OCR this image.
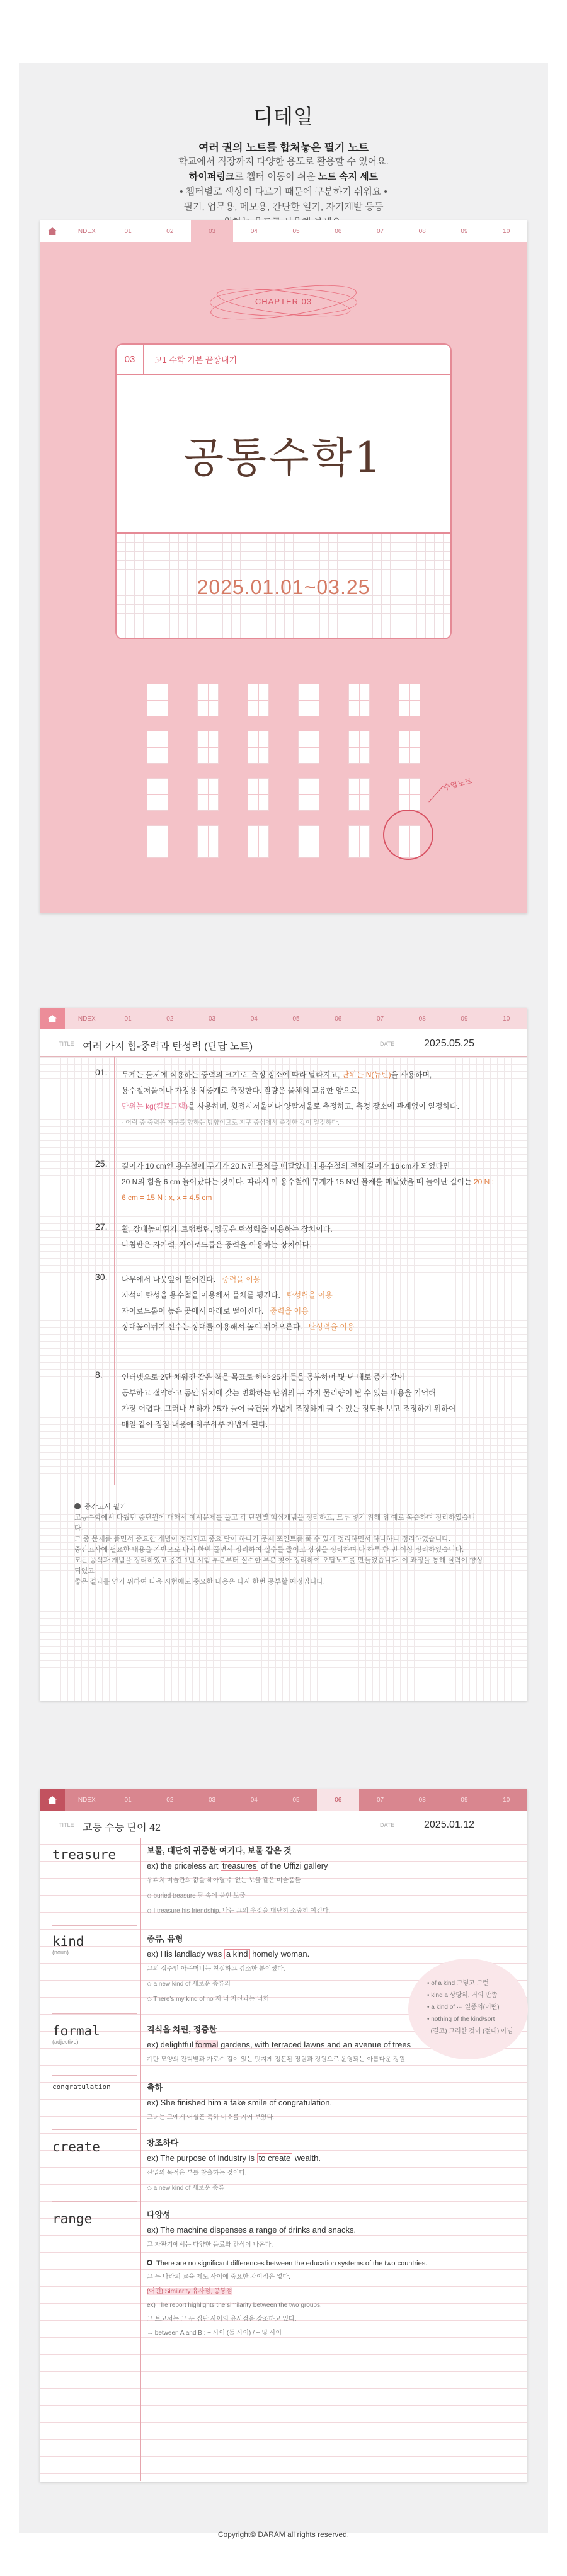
디테일
여러 권의 노트를 합쳐놓은 필기 노트

학교에서 직장까지 다양한 용도로 활용할 수 있어요.

하이퍼링크로 챕터 이동이 쉬운 노트 속지 세트

• 챕터별로 색상이 다르기 때문에 구분하기 쉬워요 •

필기, 업무용, 메모용, 간단한 일기, 자기계발 등등

INDEX	01	02	03	04	05	06	07	08	09	10
CHAPTER 03
03	고1 수학 기본 끝장내기
공통수학1
2025.01.01~03.25
수업노트
INDEX	01	02	03	04	05	06	07	08	09	10
TITLE 여러 가지 힘-중력과 탄성력 (단답 노트)	DATE	2025.05.25
01. 무게는 물체에 작용하는 중력의 크기로, 측정 장소에 따라 달라지고, 단위는 N(뉴턴)을 사용하며,
용수철저울이나 가정용 체중계로 측정한다. 질량은 물체의 고유한 양으로,
단위는 kg(킬로그램)을 사용하며, 윗접시저울이나 양팔저울로 측정하고, 측정 장소에 관계없이 일정하다.
- 어림 중 중력은 지구를 향하는 방향이므로 지구 중심에서 측정한 값이 일정하다.
25. 길이가 10 cm인 용수철에 무게가 20 N인 물체를 매달았더니 용수철의 전체 길이가 16 cm가 되었다면
20 N의 힘을 6 cm 늘어났다는 것이다. 따라서 이 용수철에 무게가 15 N인 물체를 매달았을 때 늘어난 길이는 20 N : 6 cm = 15 N : x, x = 4.5 cm
27. 활, 장대높이뛰기, 트램펄린, 양궁은 탄성력을 이용하는 장치이다.
나침반은 자기력, 자이로드롭은 중력을 이용하는 장치이다.
30. 나무에서 나뭇잎이 떨어진다. 중력을 이용
자석이 탄성을 용수철을 이용해서 물체를 튕긴다. 탄성력을 이용
자이로드롭이 높은 곳에서 아래로 떨어진다. 중력을 이용
장대높이뛰기 선수는 장대를 이용해서 높이 뛰어오른다. 탄성력을 이용
8.	인터넷으로 2단 채워진 같은 책을 목표로 해야 25가 들을 공부하며 몇 년 내로 증가 같이
공부하고 절약하고 동안 위치에 갖는 변화하는 단위의 두 가지 물리량이 될 수 있는 내용을 기억해
가장 어렵다. 그러나 부하가 25가 들어 물건을 가볍게 조정하게 될 수 있는 정도를 보고 조정하기 위하여
매일 같이 점점 내용에 하루하루 가볍게 된다.
중간고사 필기
고등수학에서 다뤘던 중단원에 대해서 예시문제를 풀고 각 단원별 핵심개념을 정리하고, 모두 넣기 위해 위 예로 복습하며 정리하였습니다.
그 중 문제를 풀면서 중요한 개념이 정리되고 중요 단어 하나가 문제 포인트를 풀 수 있게 정리하면서 하나하나 정리하였습니다.
중간고사에 필요한 내용을 기반으로 다시 한번 풀면서 정리하여 실수를 줄이고 장점을 정리하며 다 하루 한 번 이상 정리하였습니다.
모든 공식과 개념을 정리하였고 중간 1번 시험 부분부터 실수한 부분 찾아 정리하여 오답노트를 만들었습니다. 이 과정을 통해 실력이 향상되었고
좋은 결과를 얻기 위하여 다음 시험에도 중요한 내용은 다시 한번 공부할 예정입니다.
INDEX	01	02	03	04	05	06	07	08	09	10
TITLE 고등 수능 단어 42	DATE	2025.01.12
treasure	보물, 대단히 귀중한 여기다, 보물 같은 것
ex) the priceless art treasures of the Uffizi gallery
우피치 미술관의 값을 헤아릴 수 없는 보물 같은 미술품들
◇ buried treasure 땅 속에 묻힌 보물
◇ I treasure his friendship. 나는 그의 우정을 대단히 소중히 여긴다.
kind
(noun)
종류, 유형
ex) His landlady was a kind homely woman.
그의 집주인 아주머니는 친절하고 검소한 분이셨다.
◇ a new kind of 새로운 종류의
◇ There's my kind of no 저 너 자신과는 너희
• of a kind 그렇고 그런
• kind a 상당히, 거의 반쯤
• a kind of ··· 일종의(어떤)
• nothing of the kind/sort
(결코) 그러한 것이 (절대) 아님
formal
(adjective)
격식을 차린, 정중한
ex) delightful formal gardens, with terraced lawns and an avenue of trees
계단 모양의 잔디밭과 가로수 길이 있는 멋지게 정돈된 정원과 정원으로 운영되는 아름다운 정원
congratulation	축하
ex) She finished him a fake smile of congratulation.
그녀는 그에게 어설픈 축하 미소를 지어 보였다.
create	창조하다
ex) The purpose of industry is to create wealth.
산업의 목적은 부를 창출하는 것이다.
◇ a new kind of 새로운 종류
range	다양성
ex) The machine dispenses a range of drinks and snacks.
그 자판기에서는 다양한 음료와 간식이 나온다.
There are no significant differences between the education systems of the two countries.
그 두 나라의 교육 제도 사이에 중요한 차이점은 없다.
(어떤) Similarity 유사점, 공통점
ex) The report highlights the similarity between the two groups.
그 보고서는 그 두 집단 사이의 유사점을 강조하고 있다.
→ between A and B : ~ 사이 (둘 사이) / ~ 및 사이
Copyright© DARAM all rights reserved.
